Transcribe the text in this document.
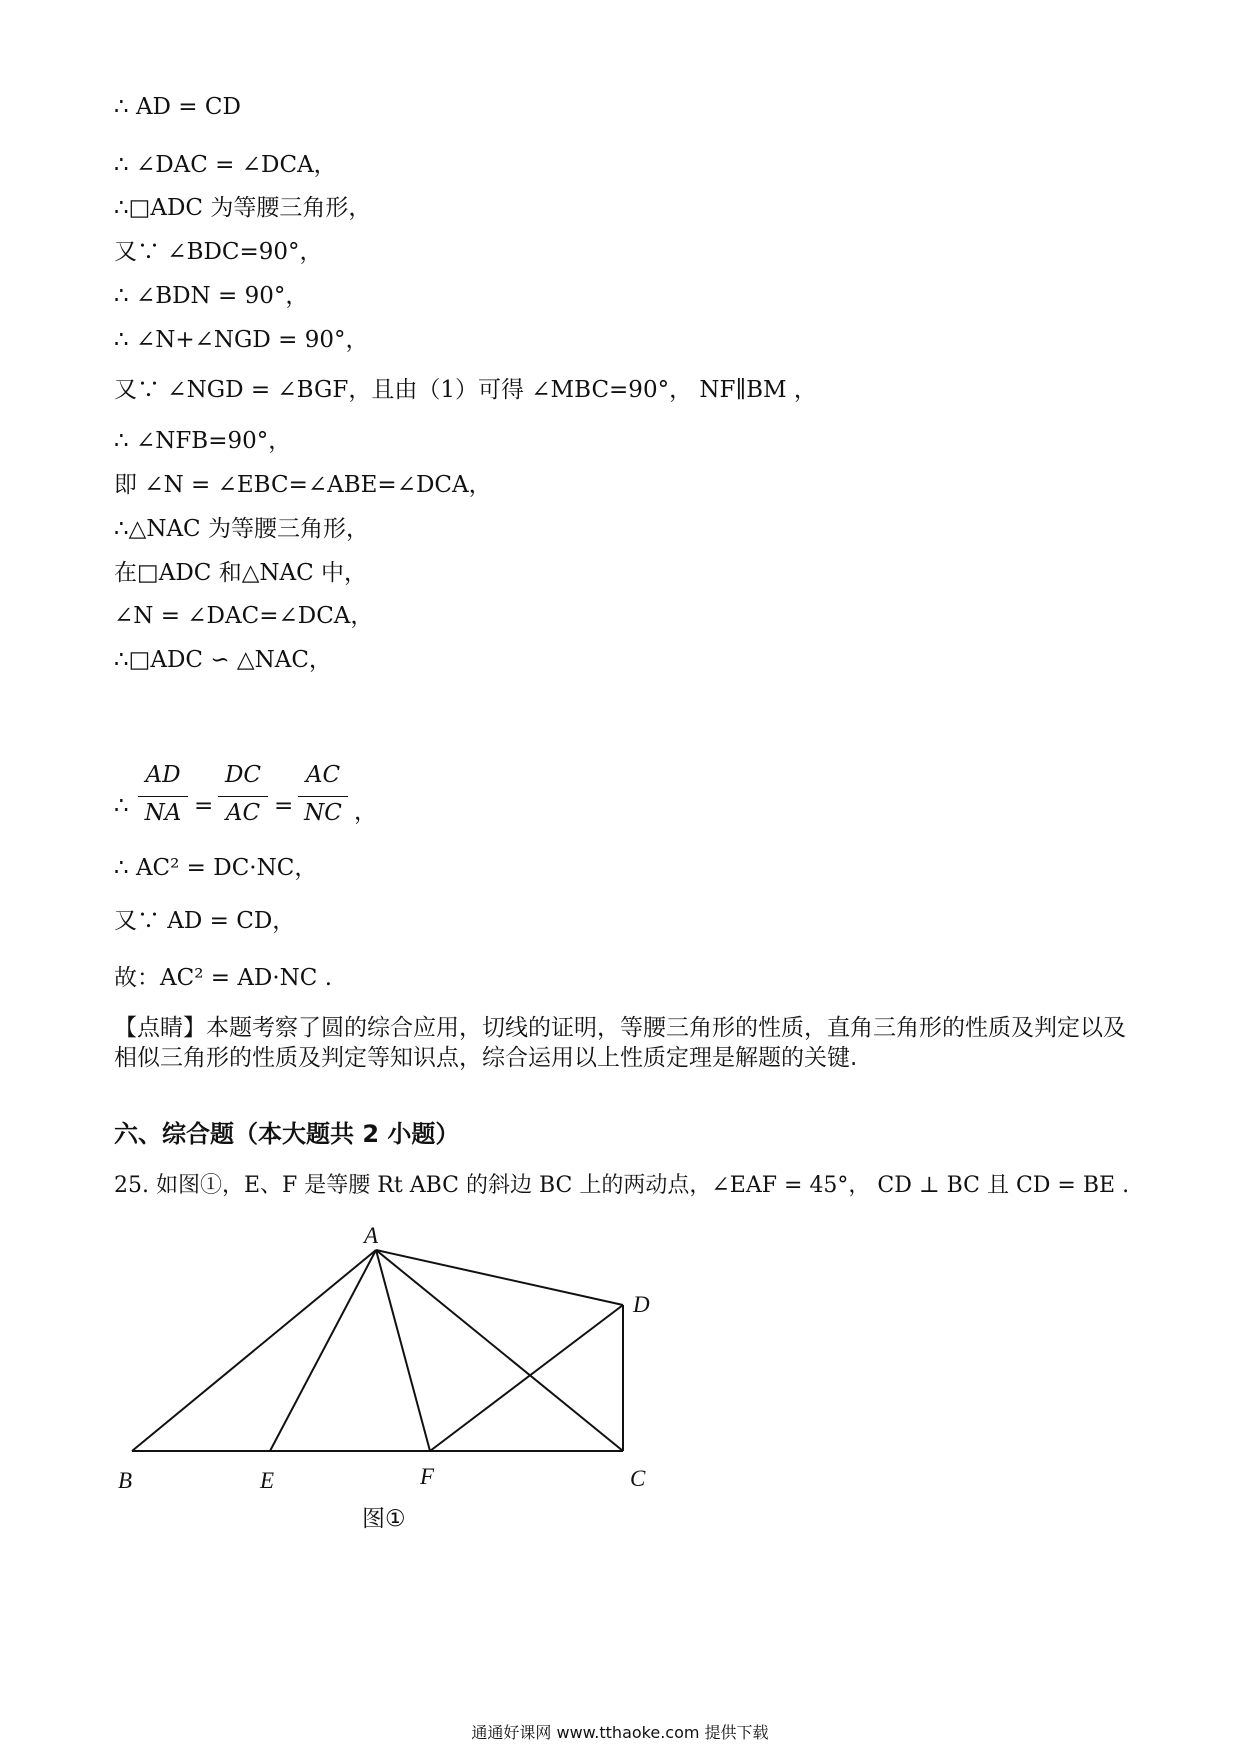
∴ AD = CD
∴ ∠DAC = ∠DCA，
∴□ADC 为等腰三角形，
又∵ ∠BDC=90°，
∴ ∠BDN = 90°，
∴ ∠N+∠NGD = 90°，
又∵ ∠NGD = ∠BGF，且由（1）可得 ∠MBC=90°， NF∥BM ，
∴ ∠NFB=90°，
即 ∠N = ∠EBC=∠ABE=∠DCA，
∴△NAC 为等腰三角形，
在□ADC 和△NAC 中，
∠N = ∠DAC=∠DCA，
∴□ADC ∽ △NAC，
∴
AD
NA =
DC
AC =
AC
NC ，
∴ AC² = DC·NC，
又∵ AD = CD，
故：AC² = AD·NC .
【点睛】本题考察了圆的综合应用，切线的证明，等腰三角形的性质，直角三角形的性质及判定以及相似三角形的性质及判定等知识点，综合运用以上性质定理是解题的关键.
六、综合题（本大题共 2 小题）
25. 如图①，E、F 是等腰 Rt ABC 的斜边 BC 上的两动点，∠EAF = 45°， CD ⊥ BC 且 CD = BE .
A
D
B	E	F	C
图①
通通好课网 www.tthaoke.com 提供下载
